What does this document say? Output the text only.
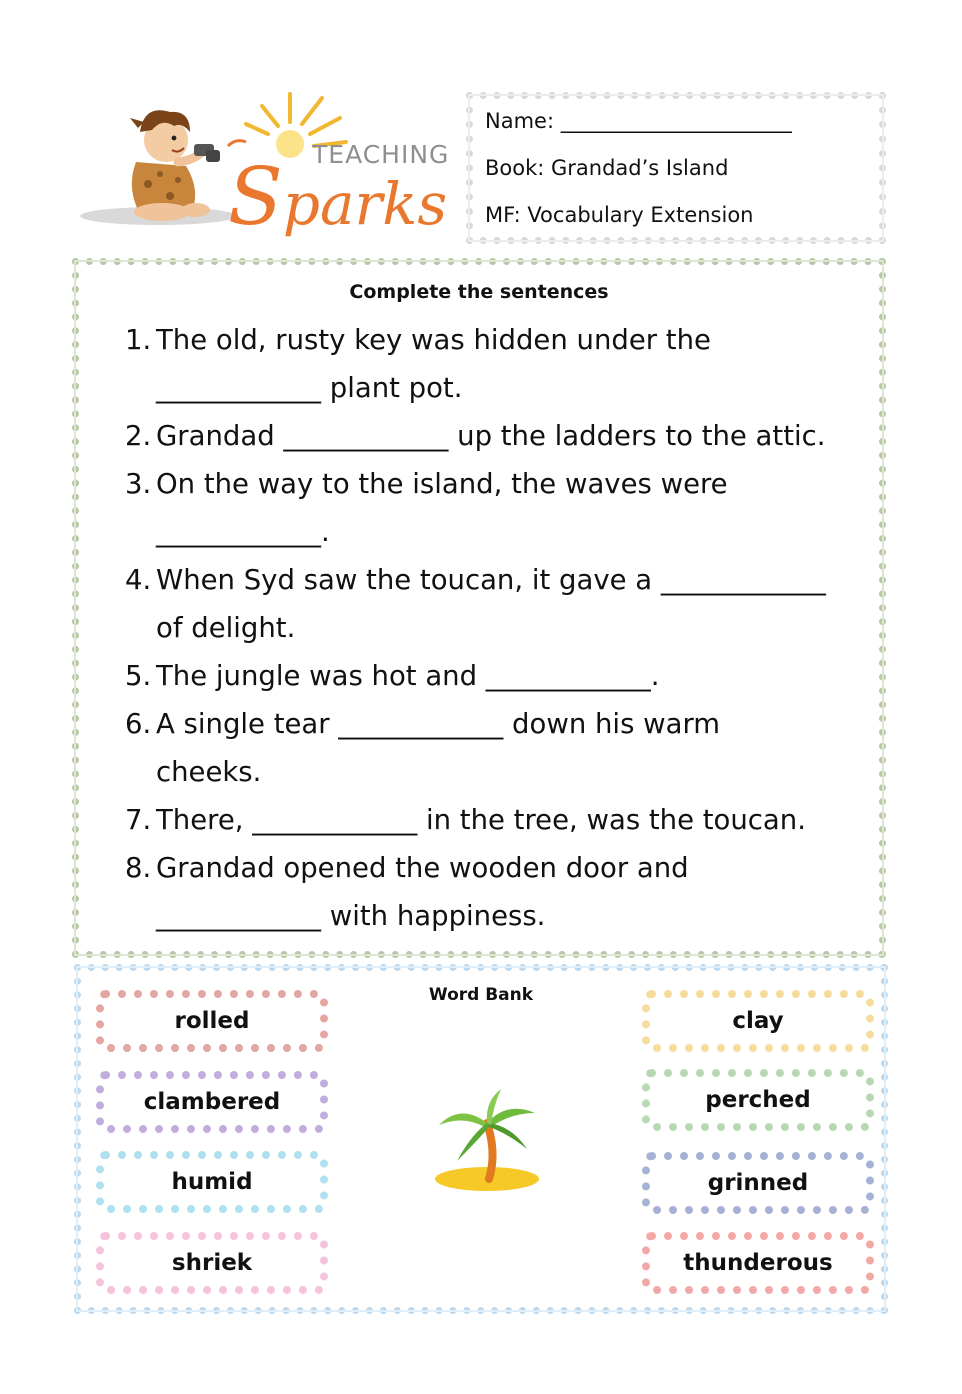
TEACHING
Sparks
Name: ______________________
Book: Grandad’s Island
MF: Vocabulary Extension
Complete the sentences
1. The old, rusty key was hidden under the
____________ plant pot.
2. Grandad ____________ up the ladders to the attic.
3. On the way to the island, the waves were
____________.
4. When Syd saw the toucan, it gave a ____________
of delight.
5. The jungle was hot and ____________.
6. A single tear ____________ down his warm
cheeks.
7. There, ____________ in the tree, was the toucan.
8. Grandad opened the wooden door and
____________ with happiness.
Word Bank
rolled
clambered
humid
shriek
clay
perched
grinned
thunderous
